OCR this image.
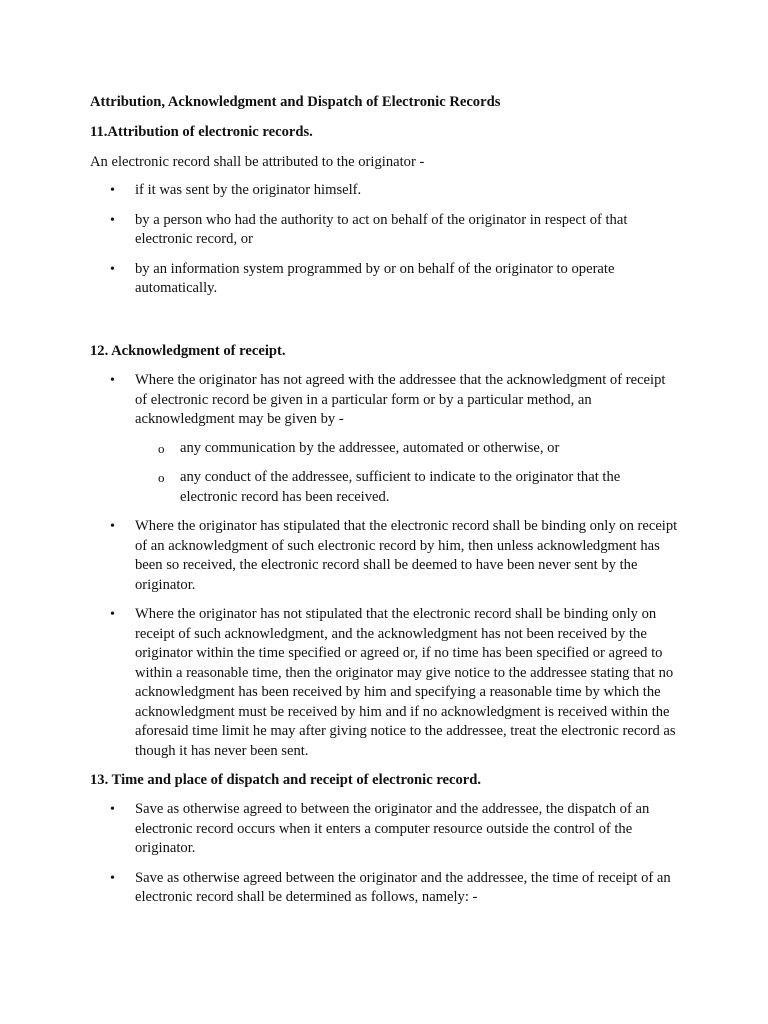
Attribution, Acknowledgment and Dispatch of Electronic Records
11.Attribution of electronic records.

An electronic record shall be attributed to the originator -

• if it was sent by the originator himself.
• by a person who had the authority to act on behalf of the originator in respect of that electronic record, or
• by an information system programmed by or on behalf of the originator to operate automatically.
12. Acknowledgment of receipt.
• Where the originator has not agreed with the addressee that the acknowledgment of receipt of electronic record be given in a particular form or by a particular method, an acknowledgment may be given by -
o any communication by the addressee, automated or otherwise, or
o any conduct of the addressee, sufficient to indicate to the originator that the electronic record has been received.
• Where the originator has stipulated that the electronic record shall be binding only on receipt of an acknowledgment of such electronic record by him, then unless acknowledgment has been so received, the electronic record shall be deemed to have been never sent by the originator.
• Where the originator has not stipulated that the electronic record shall be binding only on receipt of such acknowledgment, and the acknowledgment has not been received by the originator within the time specified or agreed or, if no time has been specified or agreed to within a reasonable time, then the originator may give notice to the addressee stating that no acknowledgment has been received by him and specifying a reasonable time by which the acknowledgment must be received by him and if no acknowledgment is received within the aforesaid time limit he may after giving notice to the addressee, treat the electronic record as though it has never been sent.
13. Time and place of dispatch and receipt of electronic record.
• Save as otherwise agreed to between the originator and the addressee, the dispatch of an electronic record occurs when it enters a computer resource outside the control of the originator.
• Save as otherwise agreed between the originator and the addressee, the time of receipt of an electronic record shall be determined as follows, namely: -
